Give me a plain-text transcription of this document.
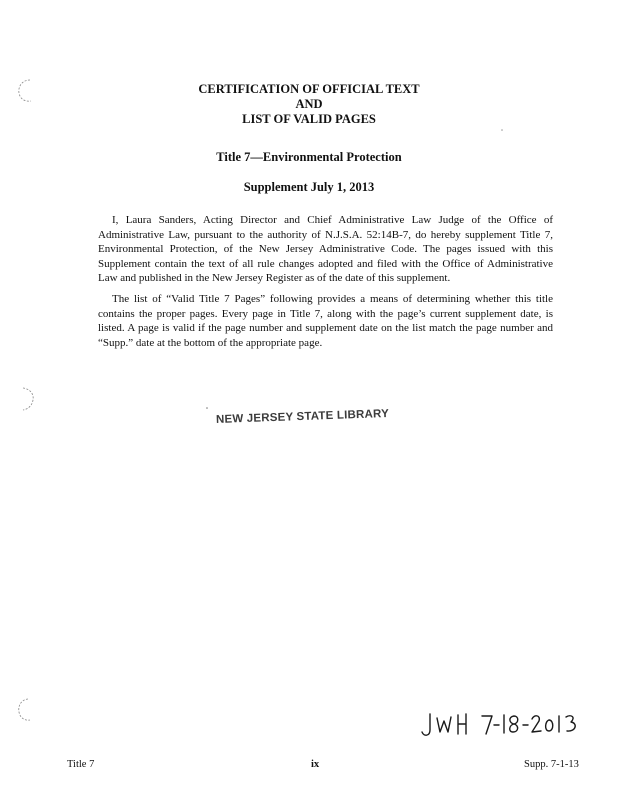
CERTIFICATION OF OFFICIAL TEXT
AND
LIST OF VALID PAGES
Title 7—Environmental Protection
Supplement July 1, 2013

I, Laura Sanders, Acting Director and Chief Administrative Law Judge of the Office of Administrative Law, pursuant to the authority of N.J.S.A. 52:14B-7, do hereby supplement Title 7, Environmental Protection, of the New Jersey Administrative Code. The pages issued with this Supplement contain the text of all rule changes adopted and filed with the Office of Administrative Law and published in the New Jersey Register as of the date of this supplement.

The list of “Valid Title 7 Pages” following provides a means of determining whether this title contains the proper pages. Every page in Title 7, along with the page’s current supplement date, is listed. A page is valid if the page number and supplement date on the list match the page number and “Supp.” date at the bottom of the appropriate page.

NEW JERSEY STATE LIBRARY
Title 7	ix	Supp. 7-1-13
